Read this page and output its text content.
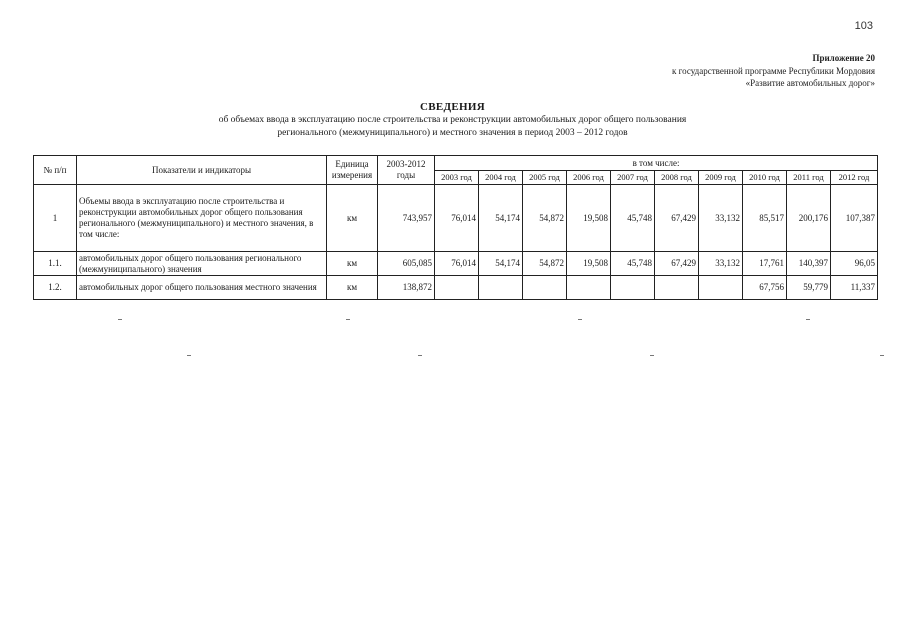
103
Приложение 20
к государственной программе Республики Мордовия
«Развитие автомобильных дорог»
СВЕДЕНИЯ
об объемах ввода в эксплуатацию после строительства и реконструкции автомобильных дорог общего пользования
регионального (межмуниципального) и местного значения в период 2003 – 2012 годов
№ п/п	Показатели и индикаторы	Единица измерения	2003-2012 годы	в том числе:									
				2003 год	2004 год	2005 год	2006 год	2007 год	2008 год	2009 год	2010 год	2011 год	2012 год
1	Объемы ввода в эксплуатацию после строительства и реконструкции автомобильных дорог общего пользования регионального (межмуниципального) и местного значения, в том числе:	км	743,957	76,014	54,174	54,872	19,508	45,748	67,429	33,132	85,517	200,176	107,387
1.1.	автомобильных дорог общего пользования регионального (межмуниципального) значения	км	605,085	76,014	54,174	54,872	19,508	45,748	67,429	33,132	17,761	140,397	96,05
1.2.	автомобильных дорог общего пользования местного значения	км	138,872								67,756	59,779	11,337
